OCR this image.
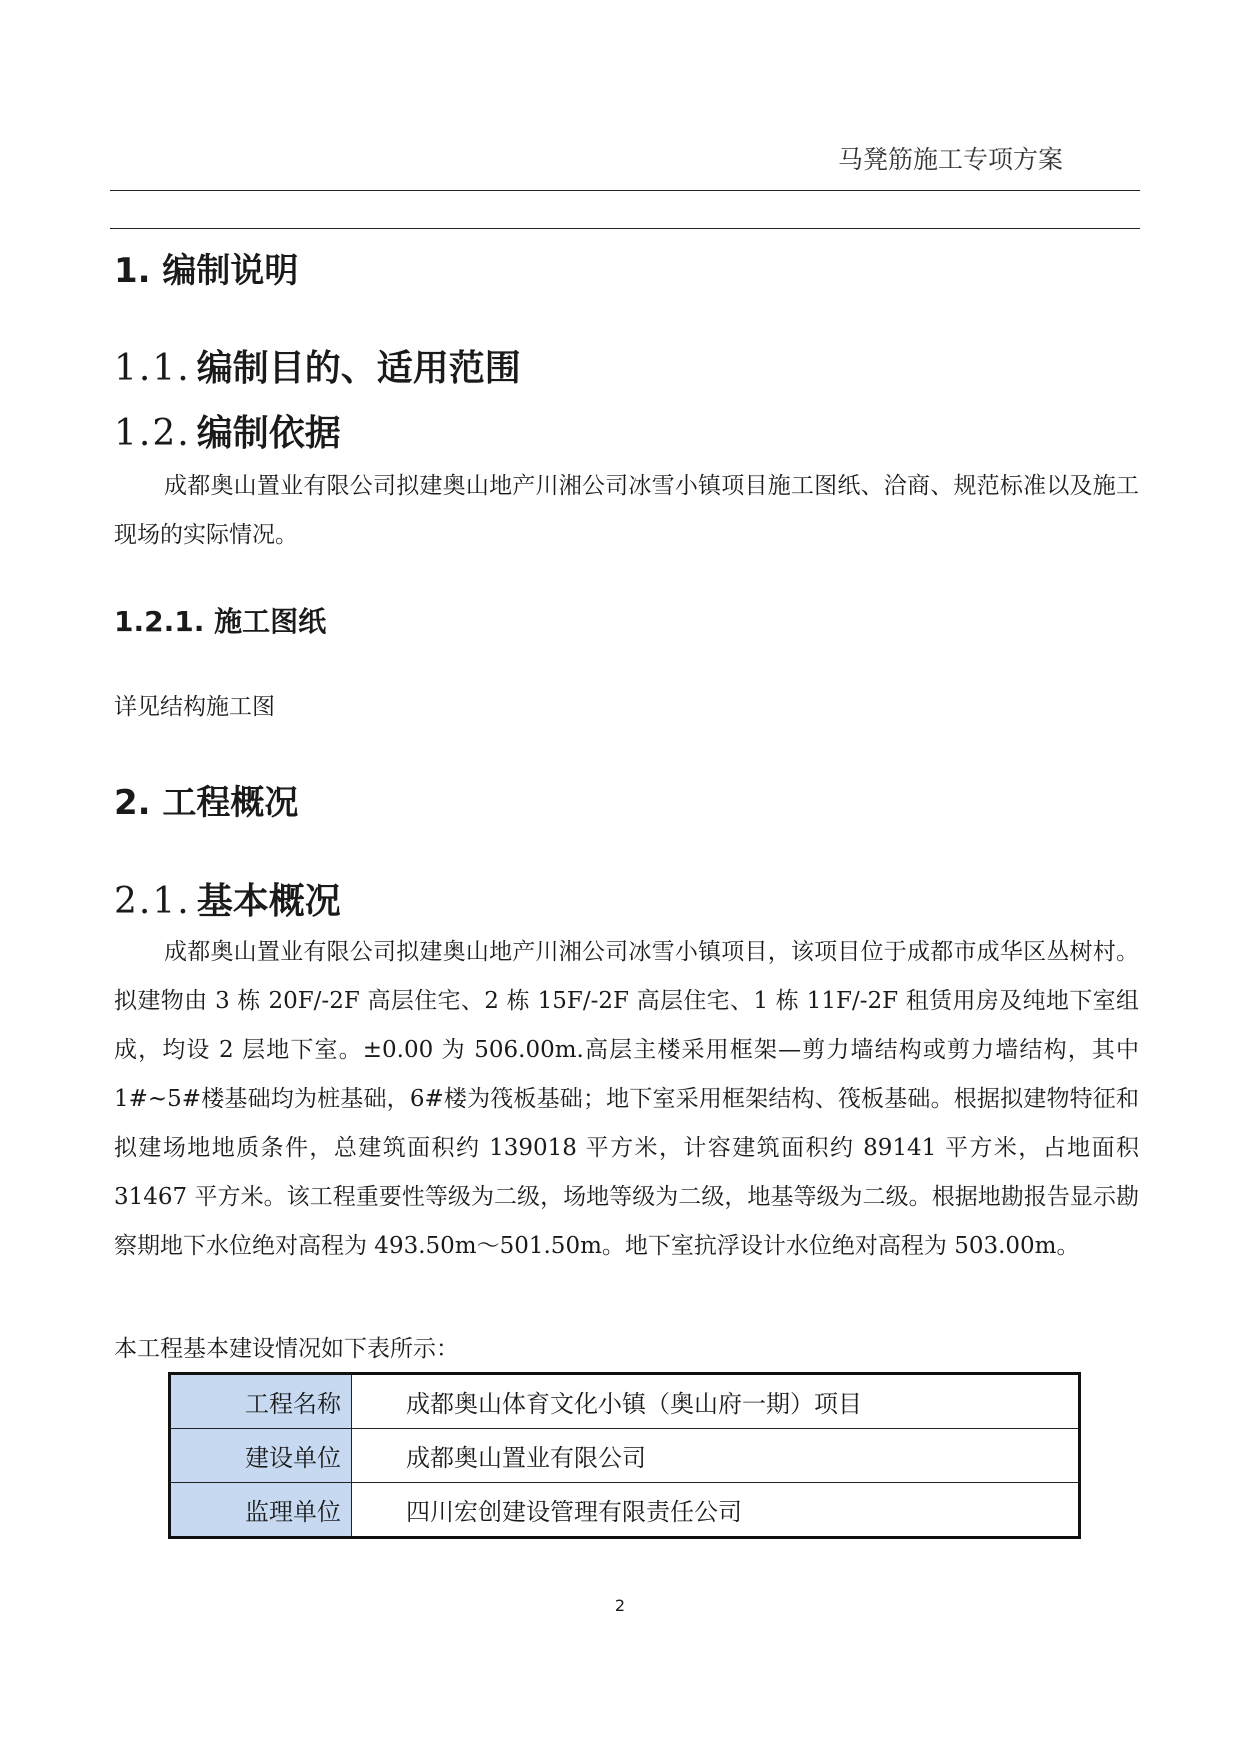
马凳筋施工专项方案
1. 编制说明
1.1. 编制目的、适用范围
1.2. 编制依据

成都奥山置业有限公司拟建奥山地产川湘公司冰雪小镇项目施工图纸、洽商、规范标准以及施工现场的实际情况。

1.2.1. 施工图纸
详见结构施工图
2. 工程概况
2.1. 基本概况

成都奥山置业有限公司拟建奥山地产川湘公司冰雪小镇项目，该项目位于成都市成华区丛树村。拟建物由 3 栋 20F/-2F 高层住宅、2 栋 15F/-2F 高层住宅、1 栋 11F/-2F 租赁用房及纯地下室组成，均设 2 层地下室。±0.00 为 506.00m.高层主楼采用框架—剪力墙结构或剪力墙结构，其中 1#~5#楼基础均为桩基础，6#楼为筏板基础；地下室采用框架结构、筏板基础。根据拟建物特征和拟建场地地质条件，总建筑面积约 139018 平方米，计容建筑面积约 89141 平方米，占地面积 31467 平方米。该工程重要性等级为二级，场地等级为二级，地基等级为二级。根据地勘报告显示勘察期地下水位绝对高程为 493.50m～501.50m。地下室抗浮设计水位绝对高程为 503.00m。

本工程基本建设情况如下表所示：
工程名称	成都奥山体育文化小镇（奥山府一期）项目
建设单位	成都奥山置业有限公司
监理单位	四川宏创建设管理有限责任公司
2
